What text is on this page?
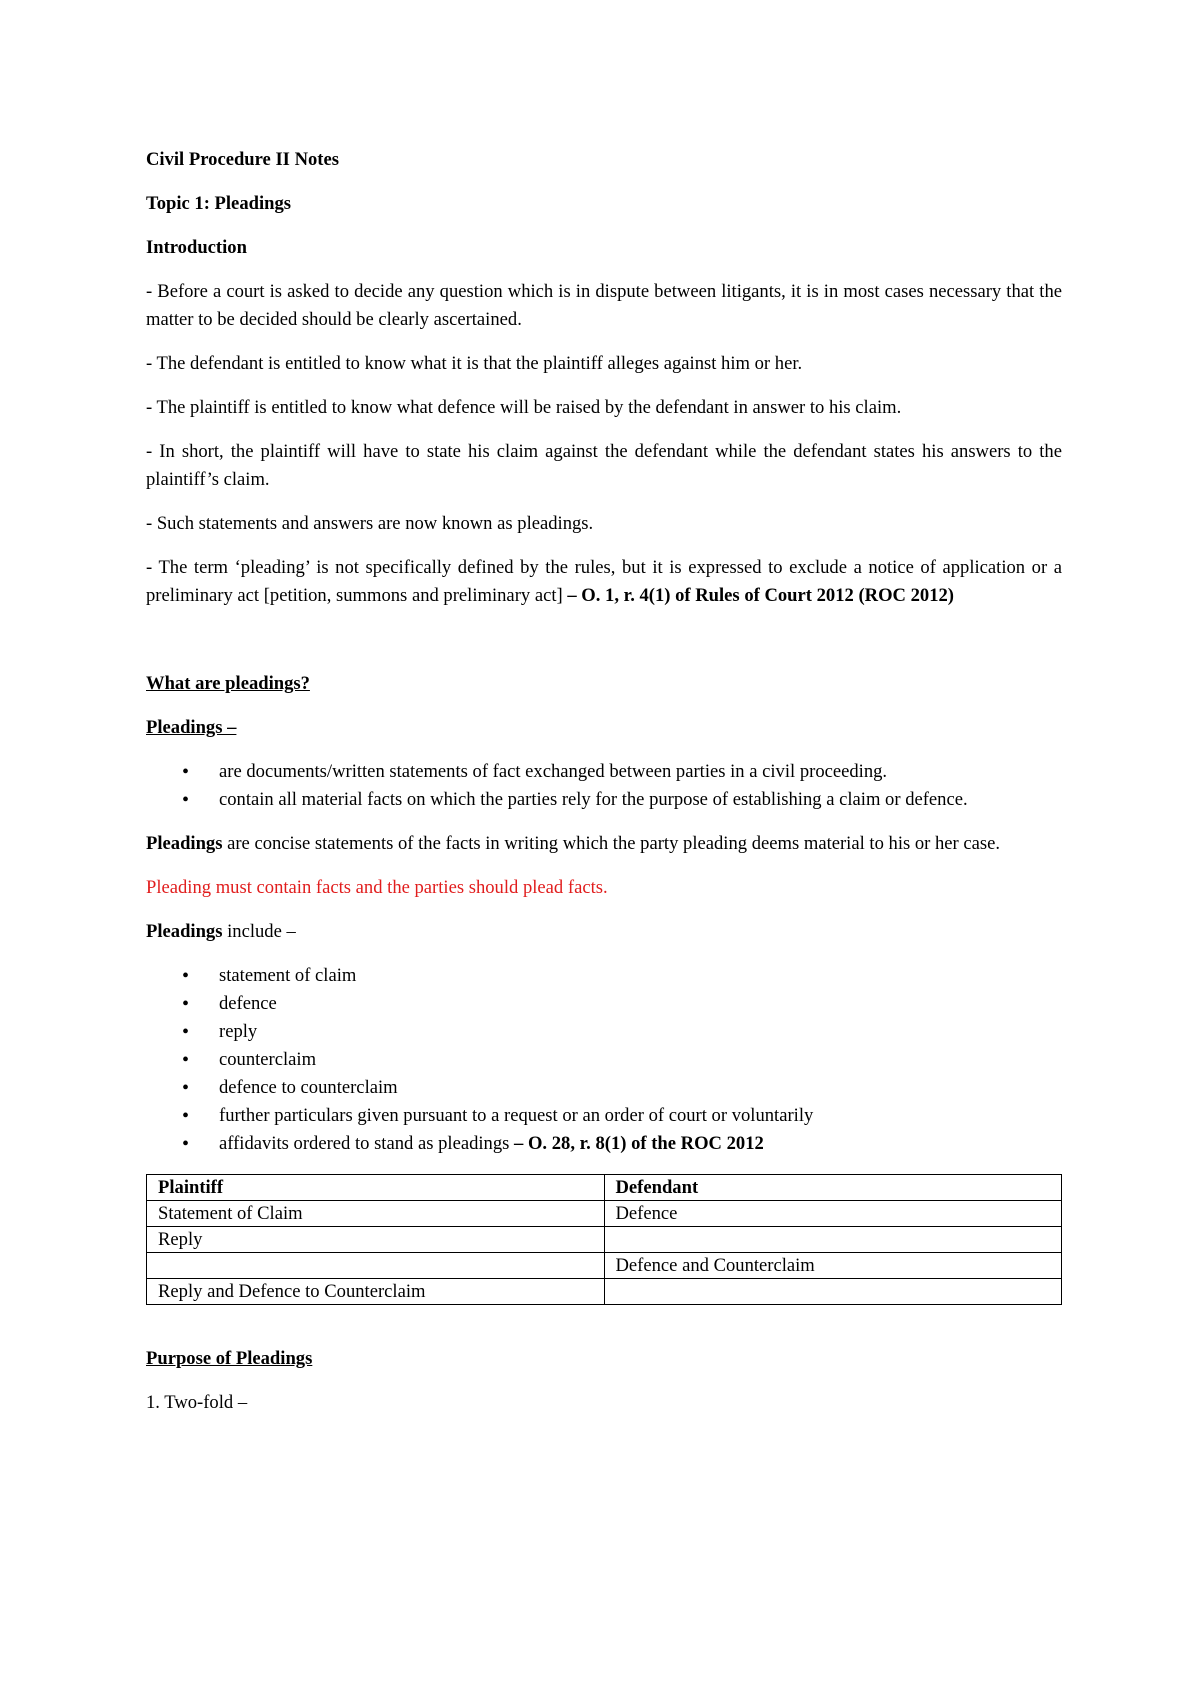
Civil Procedure II Notes

Topic 1: Pleadings

Introduction

- Before a court is asked to decide any question which is in dispute between litigants, it is in most cases necessary that the matter to be decided should be clearly ascertained.

- The defendant is entitled to know what it is that the plaintiff alleges against him or her.

- The plaintiff is entitled to know what defence will be raised by the defendant in answer to his claim.

- In short, the plaintiff will have to state his claim against the defendant while the defendant states his answers to the plaintiff’s claim.

- Such statements and answers are now known as pleadings.

- The term ‘pleading’ is not specifically defined by the rules, but it is expressed to exclude a notice of application or a preliminary act [petition, summons and preliminary act] – O. 1, r. 4(1) of Rules of Court 2012 (ROC 2012)

What are pleadings?

Pleadings –

• are documents/written statements of fact exchanged between parties in a civil proceeding.
• contain all material facts on which the parties rely for the purpose of establishing a claim or defence.

Pleadings are concise statements of the facts in writing which the party pleading deems material to his or her case.

Pleading must contain facts and the parties should plead facts.

Pleadings include –

• statement of claim
• defence
• reply
• counterclaim
• defence to counterclaim
• further particulars given pursuant to a request or an order of court or voluntarily
• affidavits ordered to stand as pleadings – O. 28, r. 8(1) of the ROC 2012
Plaintiff	Defendant
Statement of Claim	Defence
Reply	
	Defence and Counterclaim
Reply and Defence to Counterclaim	

Purpose of Pleadings

1. Two-fold –
